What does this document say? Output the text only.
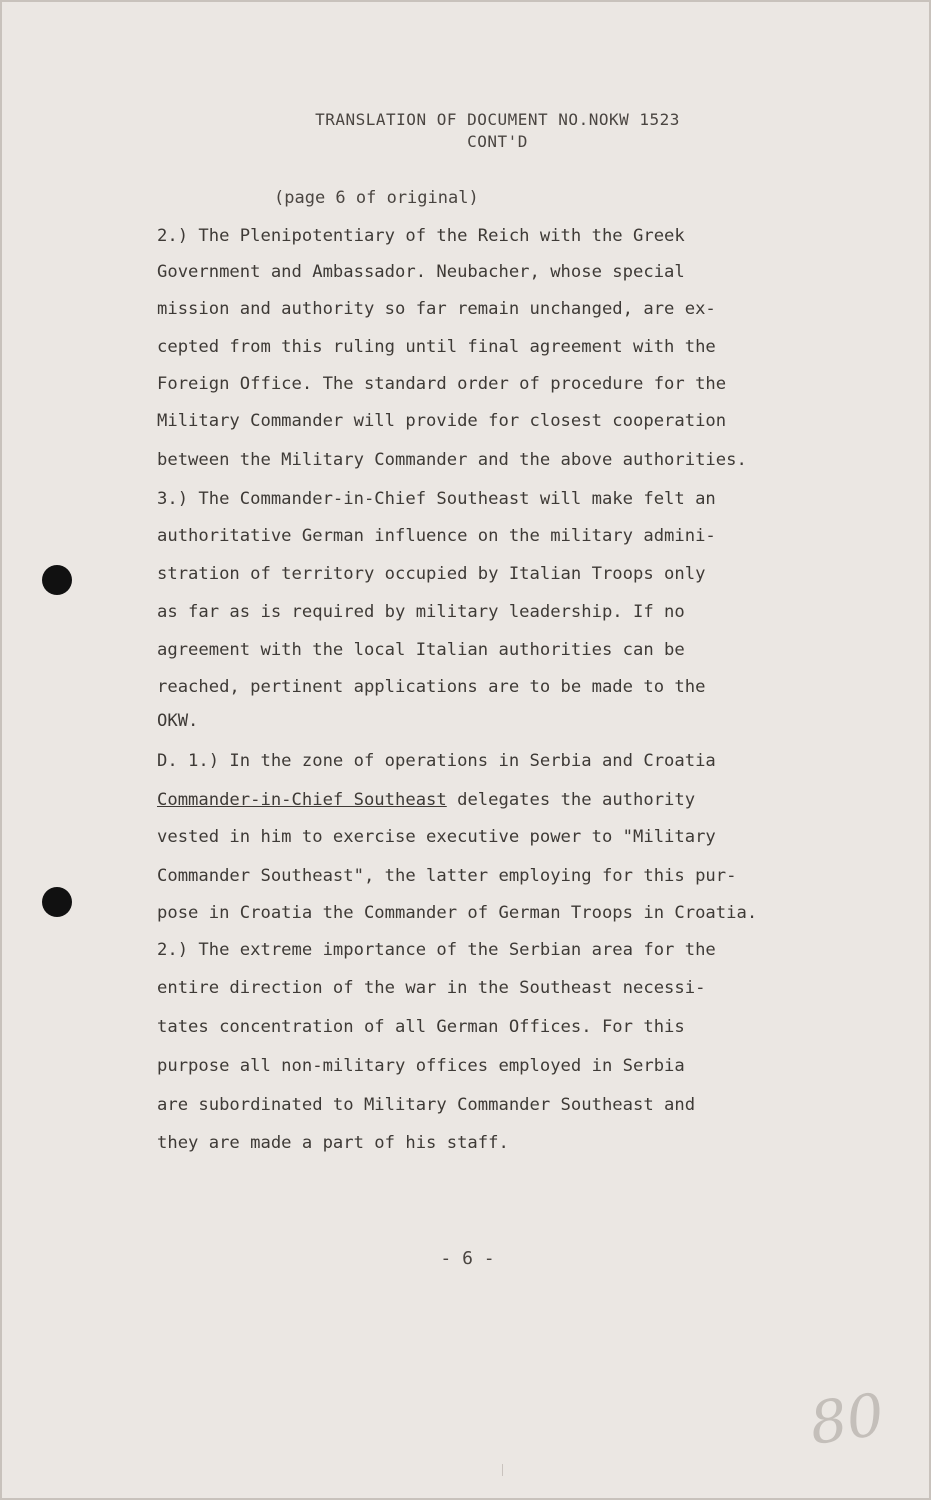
TRANSLATION OF DOCUMENT NO.NOKW 1523
CONT'D
(page 6 of original)
2.) The Plenipotentiary of the Reich with the Greek
Government and Ambassador. Neubacher, whose special
mission and authority so far remain unchanged, are ex-
cepted from this ruling until final agreement with the
Foreign Office. The standard order of procedure for the
Military Commander will provide for closest cooperation
between the Military Commander and the above authorities.
3.) The Commander-in-Chief Southeast will make felt an
authoritative German influence on the military admini-
stration of territory occupied by Italian Troops only
as far as is required by military leadership. If no
agreement with the local Italian authorities can be
reached, pertinent applications are to be made to the
OKW.
D. 1.) In the zone of operations in Serbia and Croatia
Commander-in-Chief Southeast delegates the authority
vested in him to exercise executive power to "Military
Commander Southeast", the latter employing for this pur-
pose in Croatia the Commander of German Troops in Croatia.
2.) The extreme importance of the Serbian area for the
entire direction of the war in the Southeast necessi-
tates concentration of all German Offices. For this
purpose all non-military offices employed in Serbia
are subordinated to Military Commander Southeast and
they are made a part of his staff.
- 6 -
80
